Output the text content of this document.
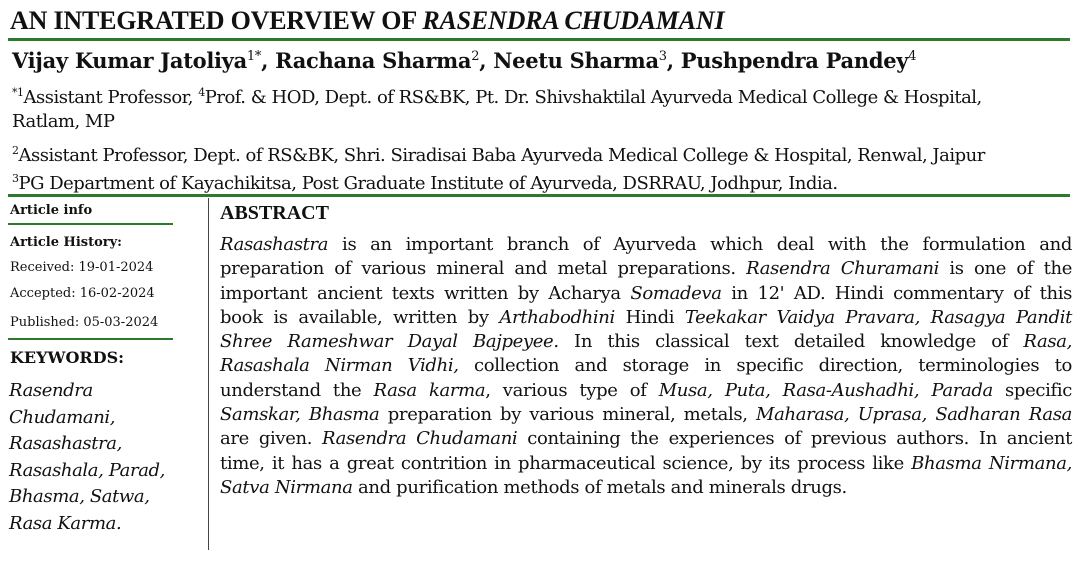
AN INTEGRATED OVERVIEW OF RASENDRA CHUDAMANI
Vijay Kumar Jatoliya$^{1*}$, Rachana Sharma$^2$, Neetu Sharma$^3$, Pushpendra Pandey$^4$
$^{*1}$Assistant Professor, $^4$Prof. & HOD, Dept. of RS&BK, Pt. Dr. Shivshaktilal Ayurveda Medical College & Hospital,
Ratlam, MP
$^2$Assistant Professor, Dept. of RS&BK, Shri. Siradisai Baba Ayurveda Medical College & Hospital, Renwal, Jaipur
$^3$PG Department of Kayachikitsa, Post Graduate Institute of Ayurveda, DSRRAU, Jodhpur, India.
Article info
Article History:
Received: 19-01-2024
Accepted: 16-02-2024
Published: 05-03-2024
KEYWORDS:
Rasendra
Chudamani,
Rasashastra,
Rasashala, Parad,
Bhasma, Satwa,
Rasa Karma.
ABSTRACT
Rasashastra is an important branch of Ayurveda which deal with the formulation and
preparation of various mineral and metal preparations. Rasendra Churamani is one of the
important ancient texts written by Acharya Somadeva in 12' AD. Hindi commentary of this
book is available, written by Arthabodhini Hindi Teekakar Vaidya Pravara, Rasagya Pandit
Shree Rameshwar Dayal Bajpeyee. In this classical text detailed knowledge of Rasa,
Rasashala Nirman Vidhi, collection and storage in specific direction, terminologies to
understand the Rasa karma, various type of Musa, Puta, Rasa-Aushadhi, Parada specific
Samskar, Bhasma preparation by various mineral, metals, Maharasa, Uprasa, Sadharan Rasa
are given. Rasendra Chudamani containing the experiences of previous authors. In ancient
time, it has a great contrition in pharmaceutical science, by its process like Bhasma Nirmana,
Satva Nirmana and purification methods of metals and minerals drugs.
